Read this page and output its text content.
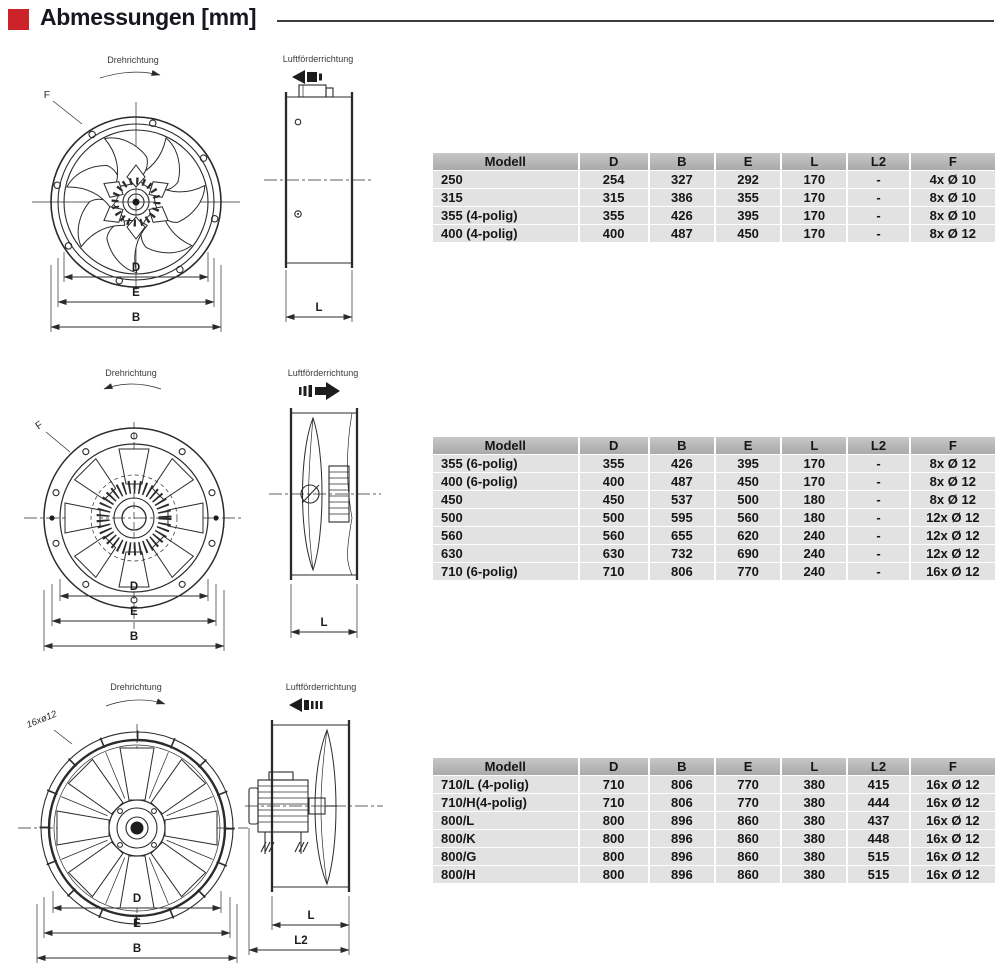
Abmessungen [mm]
Drehrichtung
F
D
E
B
Luftförderrichtung
L
Modell	D	B	E	L	L2	F
250	254	327	292	170	-	4x Ø 10
315	315	386	355	170	-	8x Ø 10
355 (4-polig)	355	426	395	170	-	8x Ø 10
400 (4-polig)	400	487	450	170	-	8x Ø 12
Drehrichtung
F
D
E
B
Luftförderrichtung
L
Modell	D	B	E	L	L2	F
355 (6-polig)	355	426	395	170	-	8x Ø 12
400 (6-polig)	400	487	450	170	-	8x Ø 12
450	450	537	500	180	-	8x Ø 12
500	500	595	560	180	-	12x Ø 12
560	560	655	620	240	-	12x Ø 12
630	630	732	690	240	-	12x Ø 12
710 (6-polig)	710	806	770	240	-	16x Ø 12
Drehrichtung
16xø12
D
E
B
Luftförderrichtung
L
L2
Modell	D	B	E	L	L2	F
710/L (4-polig)	710	806	770	380	415	16x Ø 12
710/H(4-polig)	710	806	770	380	444	16x Ø 12
800/L	800	896	860	380	437	16x Ø 12
800/K	800	896	860	380	448	16x Ø 12
800/G	800	896	860	380	515	16x Ø 12
800/H	800	896	860	380	515	16x Ø 12
